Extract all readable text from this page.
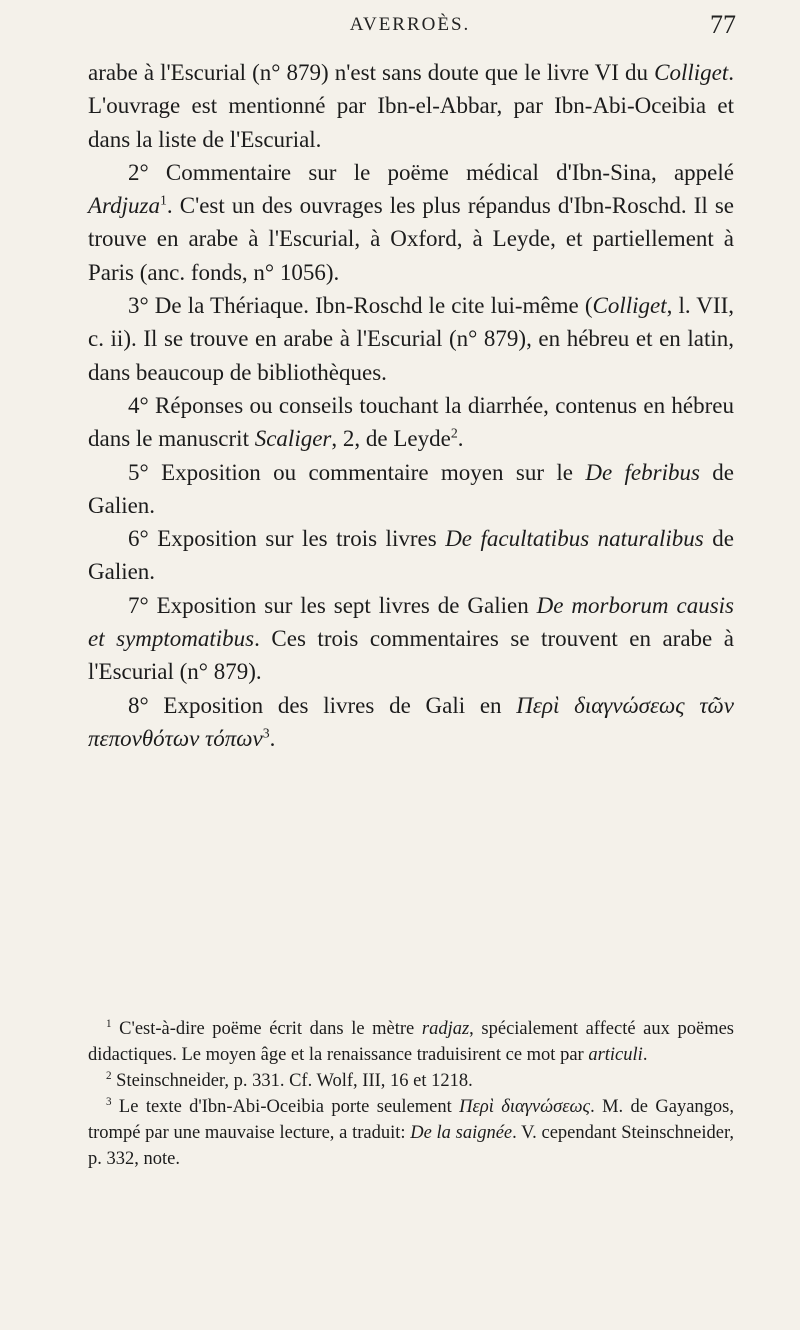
AVERROÈS.	77

arabe à l'Escurial (n° 879) n'est sans doute que le livre VI du Colliget. L'ouvrage est mentionné par Ibn-el-Abbar, par Ibn-Abi-Oceibia et dans la liste de l'Escurial.

2° Commentaire sur le poëme médical d'Ibn-Sina, appelé Ardjuza$^1$. C'est un des ouvrages les plus répandus d'Ibn-Roschd. Il se trouve en arabe à l'Escurial, à Oxford, à Leyde, et partiellement à Paris (anc. fonds, n° 1056).

3° De la Thériaque. Ibn-Roschd le cite lui-même (Colliget, l. VII, c. ii). Il se trouve en arabe à l'Escurial (n° 879), en hébreu et en latin, dans beaucoup de bibliothèques.

4° Réponses ou conseils touchant la diarrhée, contenus en hébreu dans le manuscrit Scaliger, 2, de Leyde$^2$.

5° Exposition ou commentaire moyen sur le De febribus de Galien.

6° Exposition sur les trois livres De facultatibus naturalibus de Galien.

7° Exposition sur les sept livres de Galien De morborum causis et symptomatibus. Ces trois commentaires se trouvent en arabe à l'Escurial (n° 879).

8° Exposition des livres de Gali en Περὶ διαγνώσεως τῶν πεπονθότων τόπων$^3$.

$^1$ C'est-à-dire poëme écrit dans le mètre radjaz, spécialement affecté aux poëmes didactiques. Le moyen âge et la renaissance traduisirent ce mot par articuli.

$^2$ Steinschneider, p. 331. Cf. Wolf, III, 16 et 1218.

$^3$ Le texte d'Ibn-Abi-Oceibia porte seulement Περὶ διαγνώσεως. M. de Gayangos, trompé par une mauvaise lecture, a traduit: De la saignée. V. cependant Steinschneider, p. 332, note.
